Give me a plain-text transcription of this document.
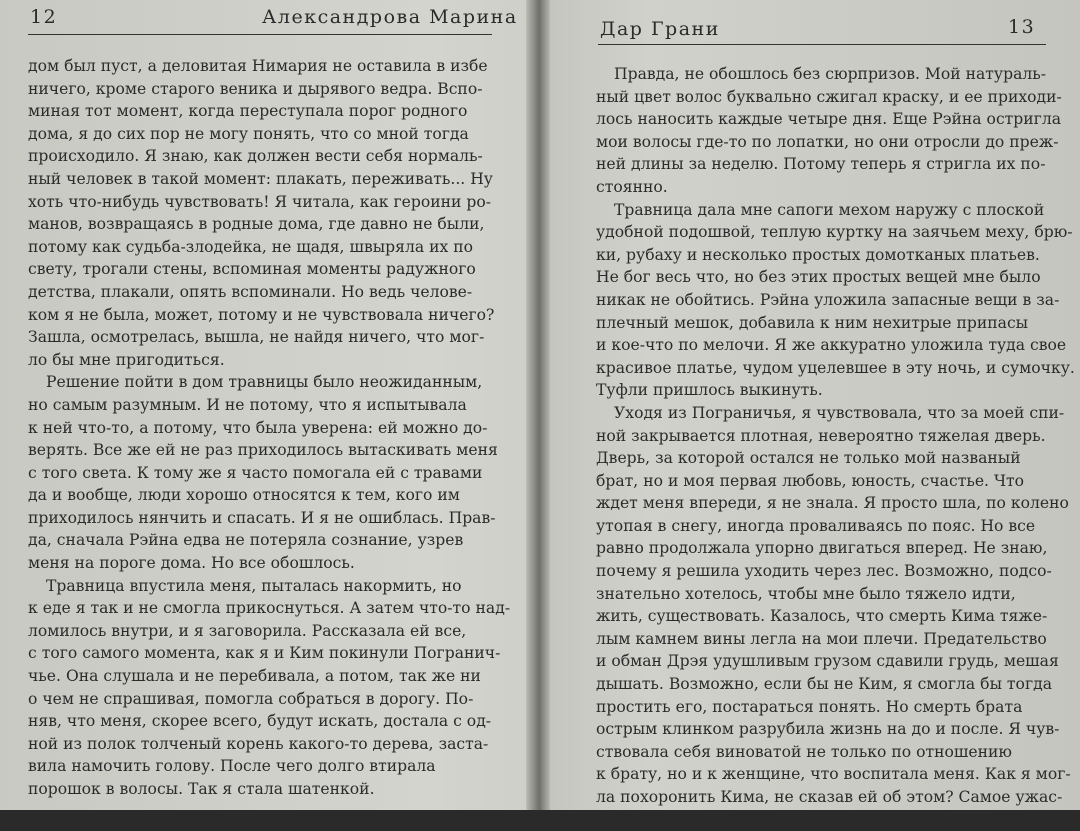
12	Александрова Марина
дом был пуст, а деловитая Нимария не оставила в избе
ничего, кроме старого веника и дырявого ведра. Вспо-
миная тот момент, когда переступала порог родного
дома, я до сих пор не могу понять, что со мной тогда
происходило. Я знаю, как должен вести себя нормаль-
ный человек в такой момент: плакать, переживать... Ну
хоть что-нибудь чувствовать! Я читала, как героини ро-
манов, возвращаясь в родные дома, где давно не были,
потому как судьба-злодейка, не щадя, швыряла их по
свету, трогали стены, вспоминая моменты радужного
детства, плакали, опять вспоминали. Но ведь челове-
ком я не была, может, потому и не чувствовала ничего?
Зашла, осмотрелась, вышла, не найдя ничего, что мог-
ло бы мне пригодиться.
Решение пойти в дом травницы было неожиданным,
но самым разумным. И не потому, что я испытывала
к ней что-то, а потому, что была уверена: ей можно до-
верять. Все же ей не раз приходилось вытаскивать меня
с того света. К тому же я часто помогала ей с травами
да и вообще, люди хорошо относятся к тем, кого им
приходилось нянчить и спасать. И я не ошиблась. Прав-
да, сначала Рэйна едва не потеряла сознание, узрев
меня на пороге дома. Но все обошлось.
Травница впустила меня, пыталась накормить, но
к еде я так и не смогла прикоснуться. А затем что-то над-
ломилось внутри, и я заговорила. Рассказала ей все,
с того самого момента, как я и Ким покинули Погранич-
чье. Она слушала и не перебивала, а потом, так же ни
о чем не спрашивая, помогла собраться в дорогу. По-
няв, что меня, скорее всего, будут искать, достала с од-
ной из полок толченый корень какого-то дерева, заста-
вила намочить голову. После чего долго втирала
порошок в волосы. Так я стала шатенкой.
Дар Грани	13
Правда, не обошлось без сюрпризов. Мой натураль-
ный цвет волос буквально сжигал краску, и ее приходи-
лось наносить каждые четыре дня. Еще Рэйна остригла
мои волосы где-то по лопатки, но они отросли до преж-
ней длины за неделю. Потому теперь я стригла их по-
стоянно.
Травница дала мне сапоги мехом наружу с плоской
удобной подошвой, теплую куртку на заячьем меху, брю-
ки, рубаху и несколько простых домотканых платьев.
Не бог весь что, но без этих простых вещей мне было
никак не обойтись. Рэйна уложила запасные вещи в за-
плечный мешок, добавила к ним нехитрые припасы
и кое-что по мелочи. Я же аккуратно уложила туда свое
красивое платье, чудом уцелевшее в эту ночь, и сумочку.
Туфли пришлось выкинуть.
Уходя из Пограничья, я чувствовала, что за моей спи-
ной закрывается плотная, невероятно тяжелая дверь.
Дверь, за которой остался не только мой названый
брат, но и моя первая любовь, юность, счастье. Что
ждет меня впереди, я не знала. Я просто шла, по колено
утопая в снегу, иногда проваливаясь по пояс. Но все
равно продолжала упорно двигаться вперед. Не знаю,
почему я решила уходить через лес. Возможно, подсо-
знательно хотелось, чтобы мне было тяжело идти,
жить, существовать. Казалось, что смерть Кима тяже-
лым камнем вины легла на мои плечи. Предательство
и обман Дрэя удушливым грузом сдавили грудь, мешая
дышать. Возможно, если бы не Ким, я смогла бы тогда
простить его, постараться понять. Но смерть брата
острым клинком разрубила жизнь на до и после. Я чув-
ствовала себя виноватой не только по отношению
к брату, но и к женщине, что воспитала меня. Как я мог-
ла похоронить Кима, не сказав ей об этом? Самое ужас-
ное, я не могла найти в себе силы отправиться в Кар-
